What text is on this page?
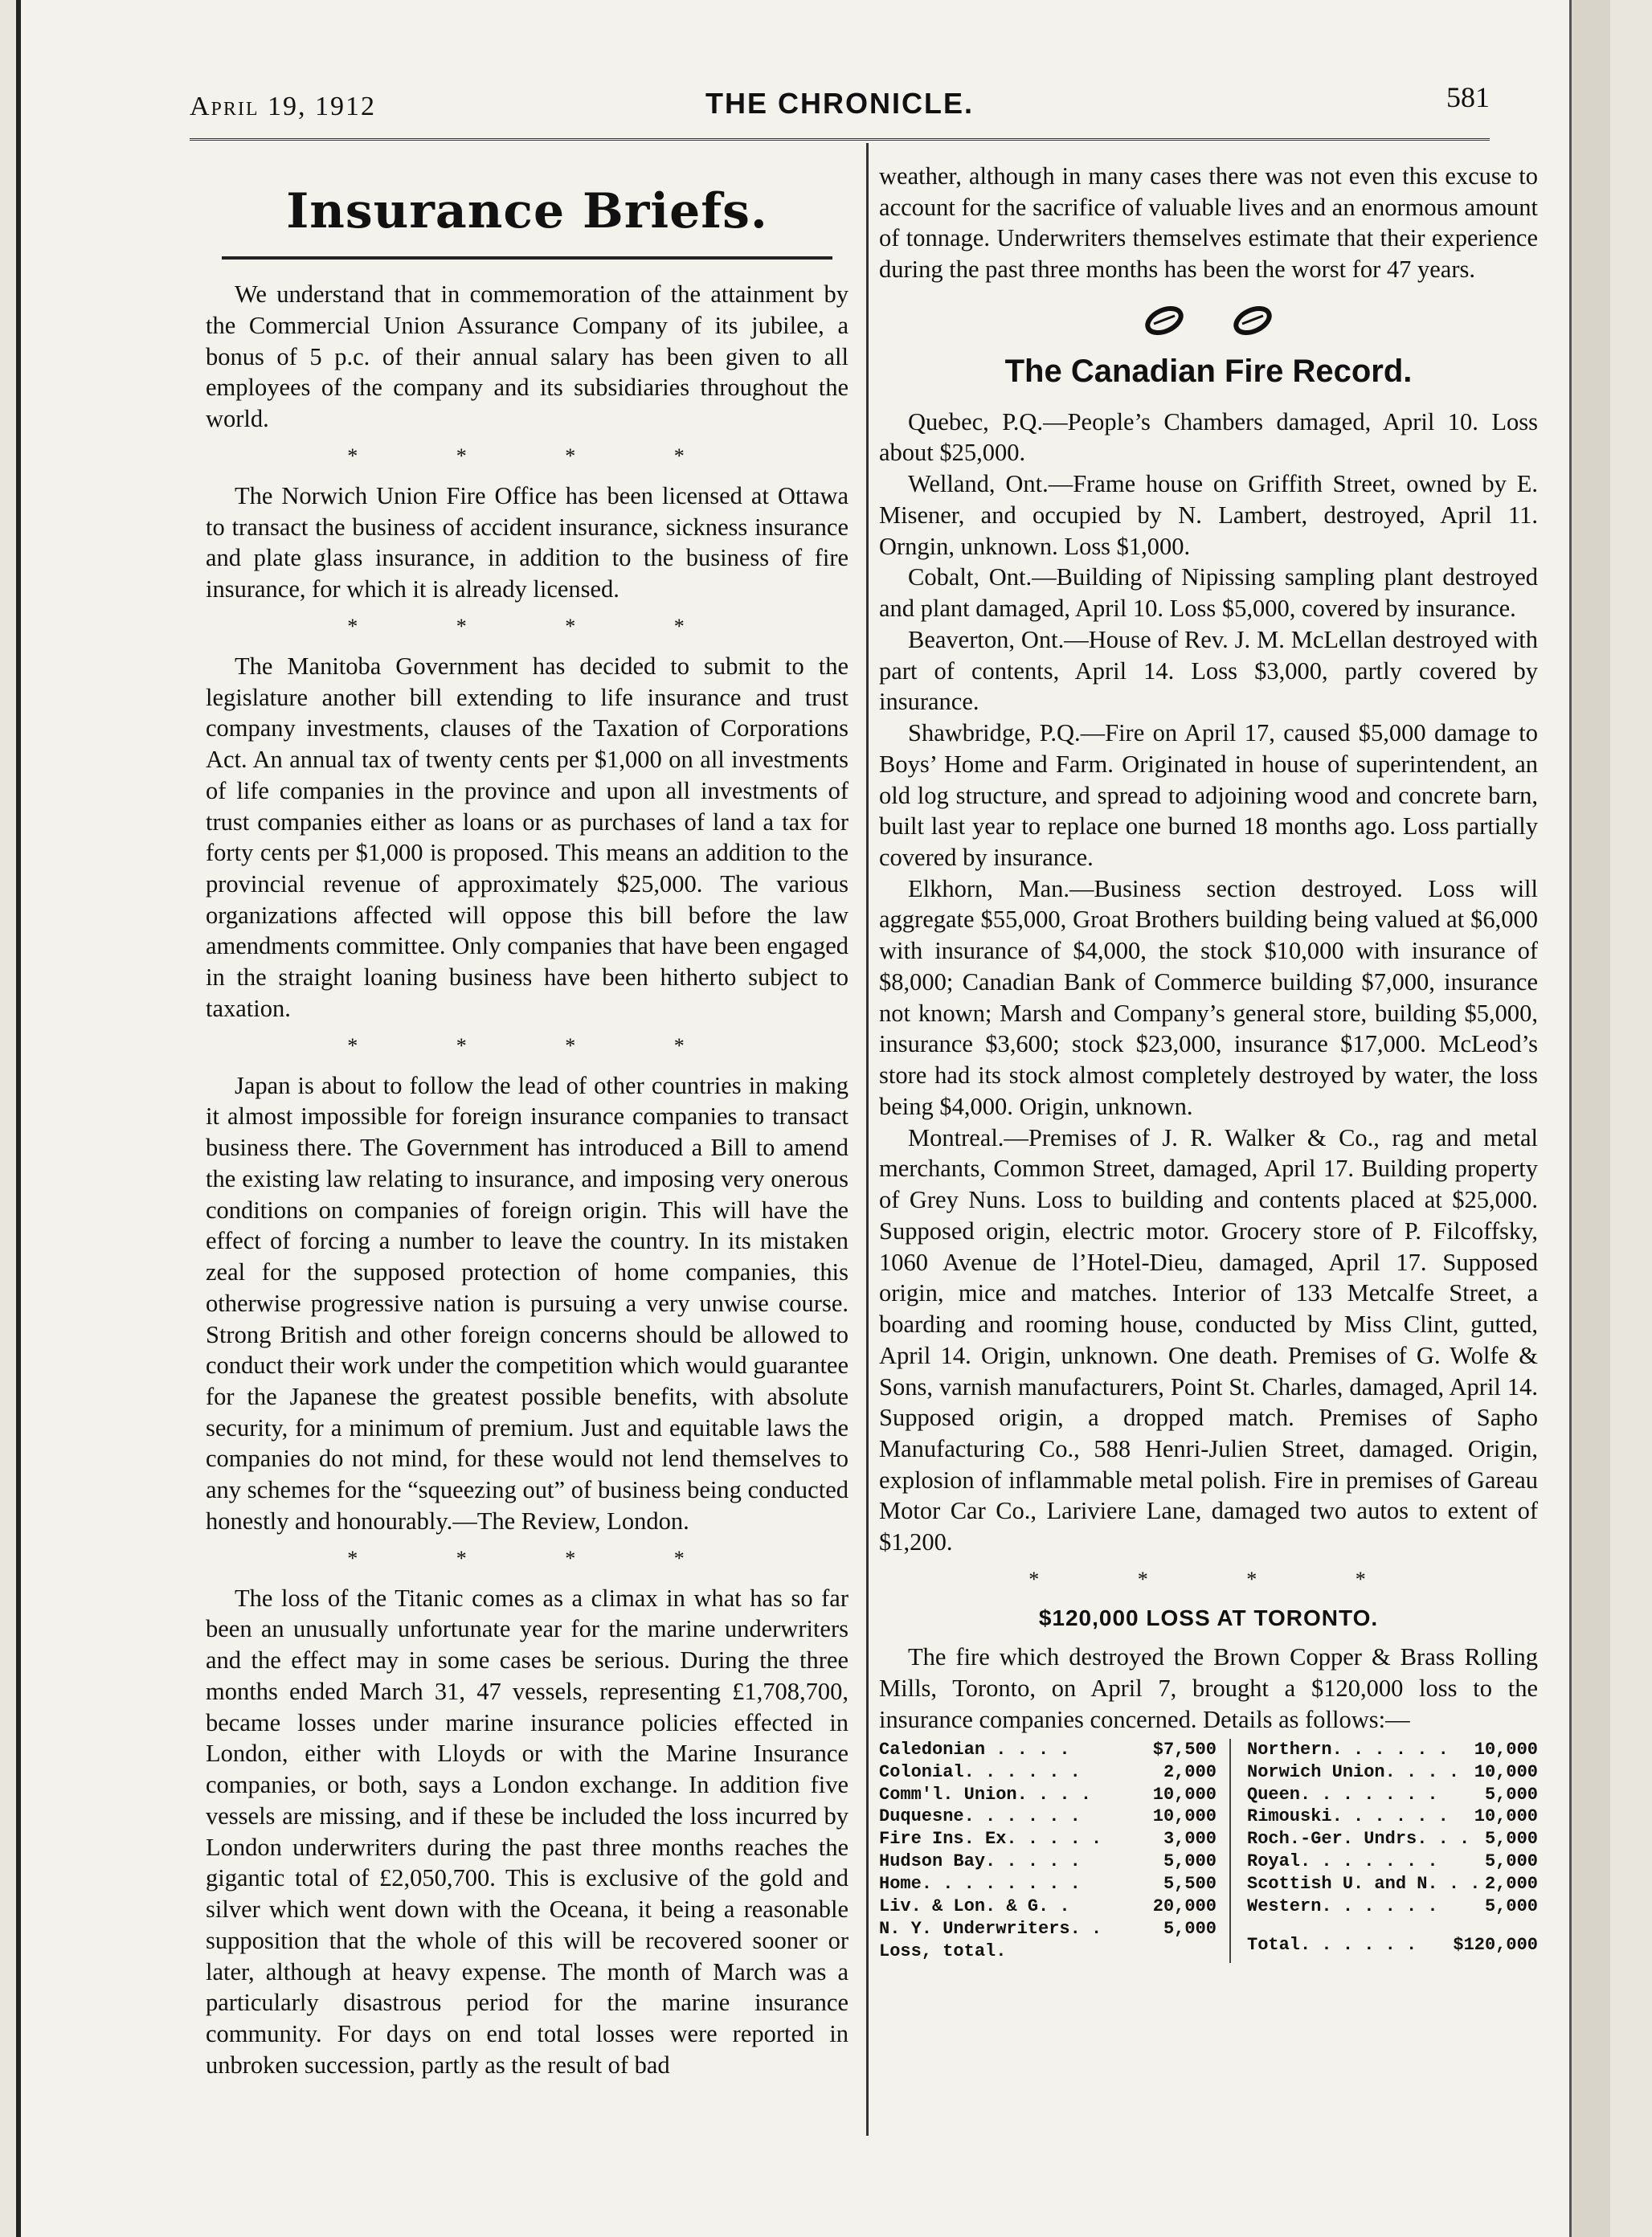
April 19, 1912	THE CHRONICLE.	581
Insurance Briefs.

We understand that in commemoration of the attainment by the Commercial Union Assurance Company of its jubilee, a bonus of 5 p.c. of their annual salary has been given to all employees of the company and its subsidiaries throughout the world.

* * * *

The Norwich Union Fire Office has been licensed at Ottawa to transact the business of accident insurance, sickness insurance and plate glass insurance, in addition to the business of fire insurance, for which it is already licensed.

* * * *

The Manitoba Government has decided to submit to the legislature another bill extending to life insurance and trust company investments, clauses of the Taxation of Corporations Act. An annual tax of twenty cents per $1,000 on all investments of life companies in the province and upon all investments of trust companies either as loans or as purchases of land a tax for forty cents per $1,000 is proposed. This means an addition to the provincial revenue of approximately $25,000. The various organizations affected will oppose this bill before the law amendments committee. Only companies that have been engaged in the straight loaning business have been hitherto subject to taxation.

* * * *

Japan is about to follow the lead of other countries in making it almost impossible for foreign insurance companies to transact business there. The Government has introduced a Bill to amend the existing law relating to insurance, and imposing very onerous conditions on companies of foreign origin. This will have the effect of forcing a number to leave the country. In its mistaken zeal for the supposed protection of home companies, this otherwise progressive nation is pursuing a very unwise course. Strong British and other foreign concerns should be allowed to conduct their work under the competition which would guarantee for the Japanese the greatest possible benefits, with absolute security, for a minimum of premium. Just and equitable laws the companies do not mind, for these would not lend themselves to any schemes for the “squeezing out” of business being conducted honestly and honourably.—The Review, London.

* * * *

The loss of the Titanic comes as a climax in what has so far been an unusually unfortunate year for the marine underwriters and the effect may in some cases be serious. During the three months ended March 31, 47 vessels, representing £1,708,700, became losses under marine insurance policies effected in London, either with Lloyds or with the Marine Insurance companies, or both, says a London exchange. In addition five vessels are missing, and if these be included the loss incurred by London underwriters during the past three months reaches the gigantic total of £2,050,700. This is exclusive of the gold and silver which went down with the Oceana, it being a reasonable supposition that the whole of this will be recovered sooner or later, although at heavy expense. The month of March was a particularly disastrous period for the marine insurance community. For days on end total losses were reported in unbroken succession, partly as the result of bad

weather, although in many cases there was not even this excuse to account for the sacrifice of valuable lives and an enormous amount of tonnage. Underwriters themselves estimate that their experience during the past three months has been the worst for 47 years.

The Canadian Fire Record.

Quebec, P.Q.—People’s Chambers damaged, April 10. Loss about $25,000.

Welland, Ont.—Frame house on Griffith Street, owned by E. Misener, and occupied by N. Lambert, destroyed, April 11. Orngin, unknown. Loss $1,000.

Cobalt, Ont.—Building of Nipissing sampling plant destroyed and plant damaged, April 10. Loss $5,000, covered by insurance.

Beaverton, Ont.—House of Rev. J. M. McLellan destroyed with part of contents, April 14. Loss $3,000, partly covered by insurance.

Shawbridge, P.Q.—Fire on April 17, caused $5,000 damage to Boys’ Home and Farm. Originated in house of superintendent, an old log structure, and spread to adjoining wood and concrete barn, built last year to replace one burned 18 months ago. Loss partially covered by insurance.

Elkhorn, Man.—Business section destroyed. Loss will aggregate $55,000, Groat Brothers building being valued at $6,000 with insurance of $4,000, the stock $10,000 with insurance of $8,000; Canadian Bank of Commerce building $7,000, insurance not known; Marsh and Company’s general store, building $5,000, insurance $3,600; stock $23,000, insurance $17,000. McLeod’s store had its stock almost completely destroyed by water, the loss being $4,000. Origin, unknown.

Montreal.—Premises of J. R. Walker & Co., rag and metal merchants, Common Street, damaged, April 17. Building property of Grey Nuns. Loss to building and contents placed at $25,000. Supposed origin, electric motor. Grocery store of P. Filcoffsky, 1060 Avenue de l’Hotel-Dieu, damaged, April 17. Supposed origin, mice and matches. Interior of 133 Metcalfe Street, a boarding and rooming house, conducted by Miss Clint, gutted, April 14. Origin, unknown. One death. Premises of G. Wolfe & Sons, varnish manufacturers, Point St. Charles, damaged, April 14. Supposed origin, a dropped match. Premises of Sapho Manufacturing Co., 588 Henri-Julien Street, damaged. Origin, explosion of inflammable metal polish. Fire in premises of Gareau Motor Car Co., Lariviere Lane, damaged two autos to extent of $1,200.

* * * *
$120,000 LOSS AT TORONTO.

The fire which destroyed the Brown Copper & Brass Rolling Mills, Toronto, on April 7, brought a $120,000 loss to the insurance companies concerned. Details as follows:—

Caledonian . . . .	$7,500
Colonial. . . . . .	2,000
Comm'l. Union. . . .	10,000
Duquesne. . . . . .	10,000
Fire Ins. Ex. . . . .	3,000
Hudson Bay. . . . .	5,000
Home. . . . . . . .	5,500
Liv. & Lon. & G. .	20,000
N. Y. Underwriters. .	5,000
Loss, total.
Northern. . . . . . 10,000
Norwich Union. . . . 10,000
Queen. . . . . . .	5,000
Rimouski. . . . . . 10,000
Roch.-Ger. Undrs. . . 5,000
Royal. . . . . . .	5,000
Scottish U. and N. . . 2,000
Western. . . . . .	5,000
Total. . . . . . $120,000
